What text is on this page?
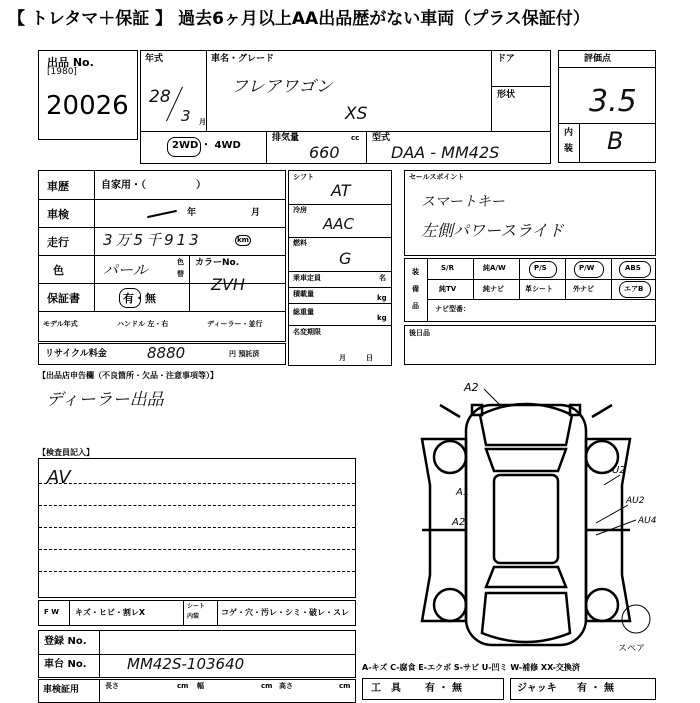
【 トレタマ＋保証 】 過去6ヶ月以上AA出品歴がない車両（プラス保証付）
出品 No.
[1980]
20026
年式
28
3 月
車名・グレード
フレアワゴン
XS
ドア
形状
2WD ・ 4WD
排気量	cc
660
型式
DAA - MM42S
評価点
3.5
内
装 B
車歴	自家用・（　　　　　）
車検	年	月
走行 3万5千913	km
色	パール	色
替
カラーNo.
ZVH
保証書	有・無
モデル年式	ハンドル 左・右	ディーラー・並行
リサイクル料金	8880	円 預託済
シフト
AT
冷房
AAC
燃料
G
乗車定員	名
積載量	kg
総重量
kg
名変期限
月日
セールスポイント
スマートキー
左側パワースライド
装
備
品
S/R	純A/W	P/S	P/W	ABS
純TV	純ナビ	革シート	外ナビ	エアB
ナビ型番：
後日品
【出品店申告欄（不良箇所・欠品・注意事項等）】
ディーラー出品
【検査員記入】
AV
A2
U2
A1
A2
AU2
AU4
スペア
F W キズ・ヒビ・割レX
シート
内装	コゲ・穴・汚レ・シミ・破レ・スレ
登録 No.
車台 No.	MM42S-103640
車検証用	長さ	cm 幅	cm 高さ	cm
A-キズ C-腐食 E-エクボ S-サビ U-凹ミ W-補修 XX-交換済
工　具 有 ・ 無	ジャッキ 有 ・ 無
